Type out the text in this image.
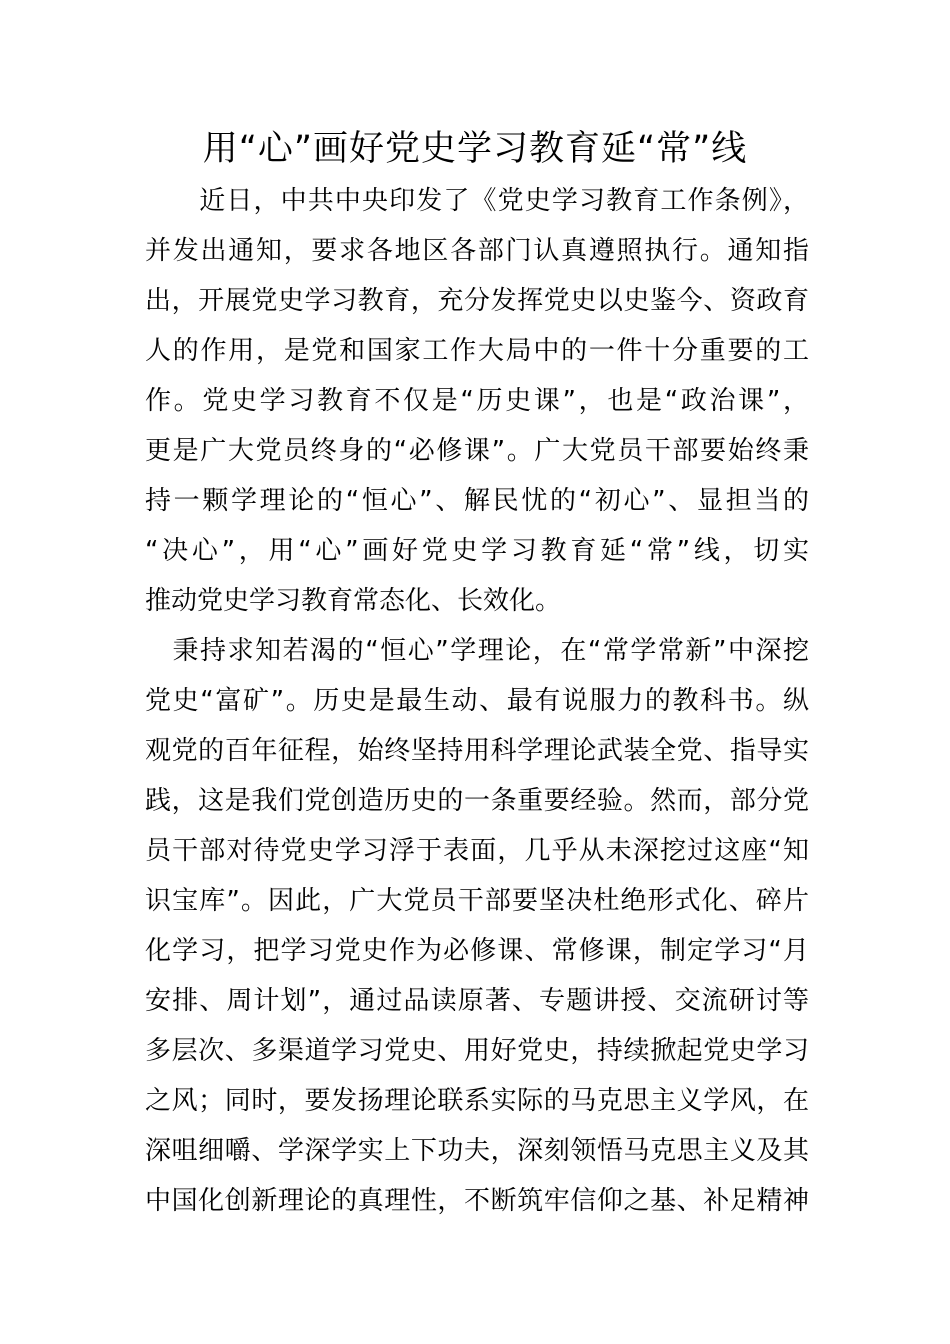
用“心”画好党史学习教育延“常”线
　　近日，中共中央印发了《党史学习教育工作条例》，
并发出通知，要求各地区各部门认真遵照执行。通知指
出，开展党史学习教育，充分发挥党史以史鉴今、资政育
人的作用，是党和国家工作大局中的一件十分重要的工
作。党史学习教育不仅是“历史课”，也是“政治课”，
更是广大党员终身的“必修课”。广大党员干部要始终秉
持一颗学理论的“恒心”、解民忧的“初心”、显担当的
“决心”，用“心”画好党史学习教育延“常”线，切实
推动党史学习教育常态化、长效化。
　秉持求知若渴的“恒心”学理论，在“常学常新”中深挖
党史“富矿”。历史是最生动、最有说服力的教科书。纵
观党的百年征程，始终坚持用科学理论武装全党、指导实
践，这是我们党创造历史的一条重要经验。然而，部分党
员干部对待党史学习浮于表面，几乎从未深挖过这座“知
识宝库”。因此，广大党员干部要坚决杜绝形式化、碎片
化学习，把学习党史作为必修课、常修课，制定学习“月
安排、周计划”，通过品读原著、专题讲授、交流研讨等
多层次、多渠道学习党史、用好党史，持续掀起党史学习
之风；同时，要发扬理论联系实际的马克思主义学风，在
深咀细嚼、学深学实上下功夫，深刻领悟马克思主义及其
中国化创新理论的真理性，不断筑牢信仰之基、补足精神
